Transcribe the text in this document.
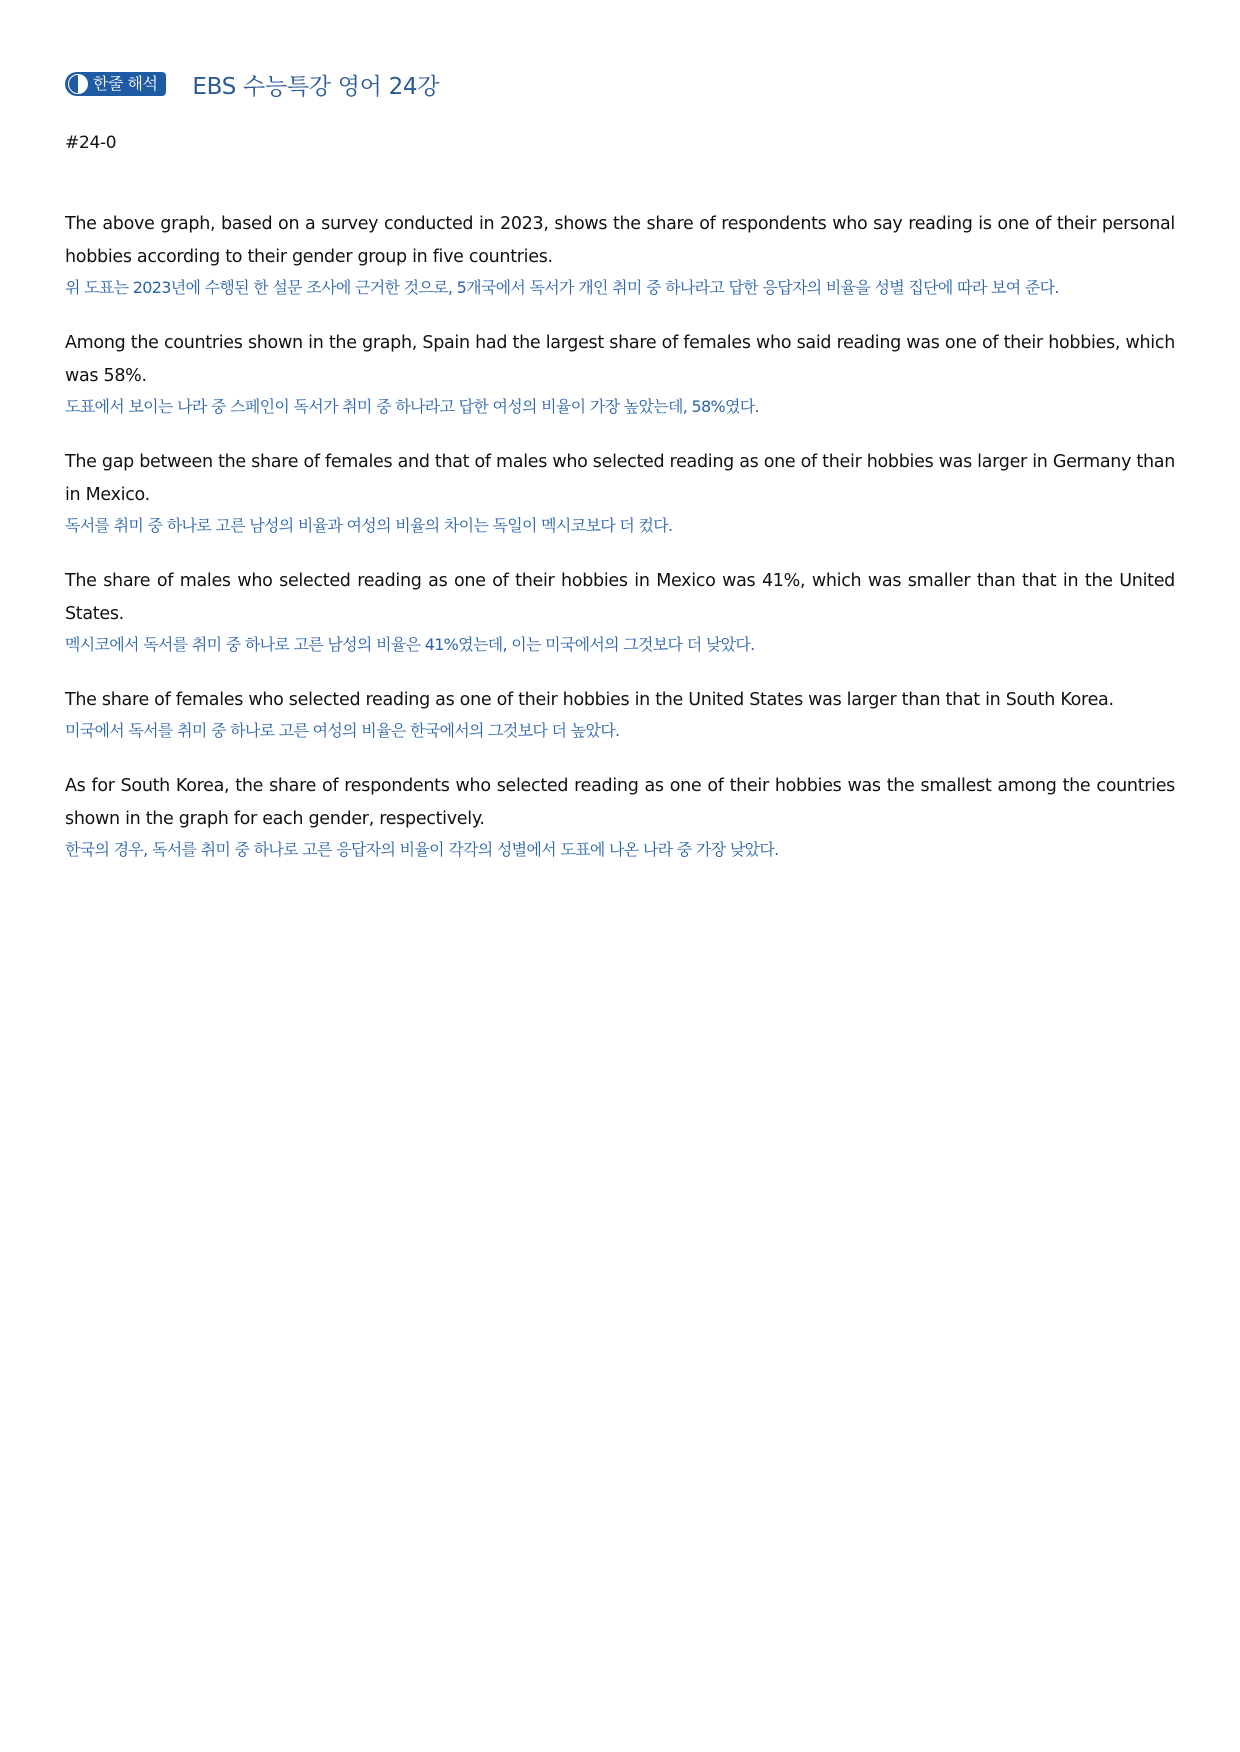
한줄 해석 EBS 수능특강 영어 24강
#24-0

The above graph, based on a survey conducted in 2023, shows the share of respondents who say reading is one of their personal hobbies according to their gender group in five countries.

위 도표는 2023년에 수행된 한 설문 조사에 근거한 것으로, 5개국에서 독서가 개인 취미 중 하나라고 답한 응답자의 비율을 성별 집단에 따라 보여 준다.

Among the countries shown in the graph, Spain had the largest share of females who said reading was one of their hobbies, which was 58%.

도표에서 보이는 나라 중 스페인이 독서가 취미 중 하나라고 답한 여성의 비율이 가장 높았는데, 58%였다.

The gap between the share of females and that of males who selected reading as one of their hobbies was larger in Germany than in Mexico.

독서를 취미 중 하나로 고른 남성의 비율과 여성의 비율의 차이는 독일이 멕시코보다 더 컸다.

The share of males who selected reading as one of their hobbies in Mexico was 41%, which was smaller than that in the United States.

멕시코에서 독서를 취미 중 하나로 고른 남성의 비율은 41%였는데, 이는 미국에서의 그것보다 더 낮았다.

The share of females who selected reading as one of their hobbies in the United States was larger than that in South Korea.

미국에서 독서를 취미 중 하나로 고른 여성의 비율은 한국에서의 그것보다 더 높았다.

As for South Korea, the share of respondents who selected reading as one of their hobbies was the smallest among the countries shown in the graph for each gender, respectively.

한국의 경우, 독서를 취미 중 하나로 고른 응답자의 비율이 각각의 성별에서 도표에 나온 나라 중 가장 낮았다.
